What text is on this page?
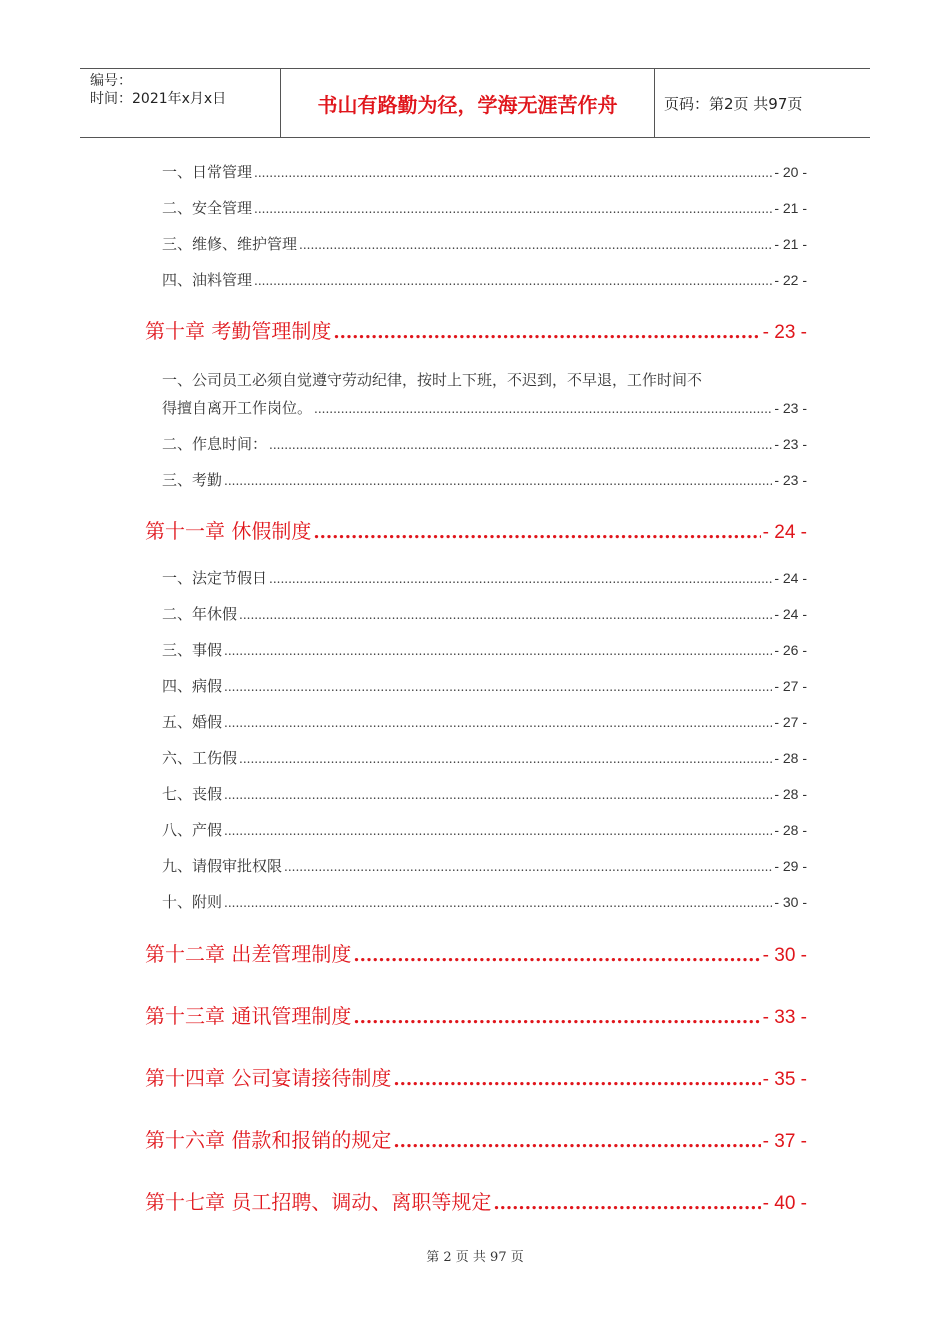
编号：
时间：2021年x月x日	书山有路勤为径，学海无涯苦作舟	页码：第2页 共97页
一、日常管理 .....	- 20 -
二、安全管理 .....	- 21 -
三、维修、维护管理 .....	- 21 -
四、油料管理 .....	- 22 -
第十章 考勤管理制度 .....	- 23 -
一、公司员工必须自觉遵守劳动纪律，按时上下班，不迟到，不早退，工作时间不
得擅自离开工作岗位。 .....	- 23 -
二、作息时间： .....	- 23 -
三、考勤 .....	- 23 -
第十一章 休假制度 .....	- 24 -
一、法定节假日 .....	- 24 -
二、年休假 .....	- 24 -
三、事假 .....	- 26 -
四、病假 .....	- 27 -
五、婚假 .....	- 27 -
六、工伤假 .....	- 28 -
七、丧假 .....	- 28 -
八、产假 .....	- 28 -
九、请假审批权限 .....	- 29 -
十、附则 .....	- 30 -
第十二章 出差管理制度 .....	- 30 -
第十三章 通讯管理制度 .....	- 33 -
第十四章 公司宴请接待制度 .....	- 35 -
第十六章 借款和报销的规定 .....	- 37 -
第十七章 员工招聘、调动、离职等规定 .....	- 40 -
第 2 页 共 97 页
